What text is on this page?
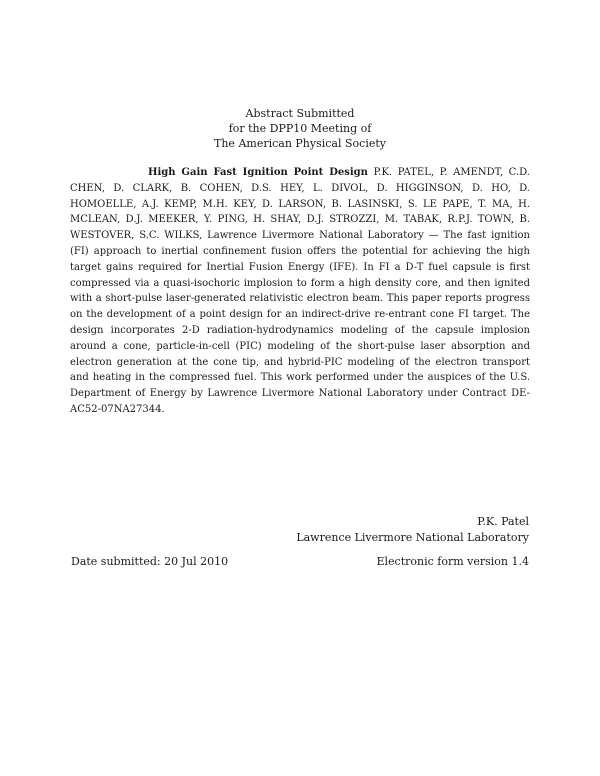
Abstract Submitted
for the DPP10 Meeting of
The American Physical Society
High Gain Fast Ignition Point Design P.K. PATEL, P. AMENDT, C.D. CHEN, D. CLARK, B. COHEN, D.S. HEY, L. DIVOL, D. HIGGINSON, D. HO, D. HOMOELLE, A.J. KEMP, M.H. KEY, D. LARSON, B. LASINSKI, S. LE PAPE, T. MA, H. MCLEAN, D.J. MEEKER, Y. PING, H. SHAY, D.J. STROZZI, M. TABAK, R.P.J. TOWN, B. WESTOVER, S.C. WILKS, Lawrence Livermore National Laboratory — The fast ignition (FI) approach to inertial confinement fusion offers the potential for achieving the high target gains required for Inertial Fusion Energy (IFE). In FI a D-T fuel capsule is first compressed via a quasi-isochoric implosion to form a high density core, and then ignited with a short-pulse laser-generated relativistic electron beam. This paper reports progress on the development of a point design for an indirect-drive re-entrant cone FI target. The design incorporates 2-D radiation-hydrodynamics modeling of the capsule implosion around a cone, particle-in-cell (PIC) modeling of the short-pulse laser absorption and electron generation at the cone tip, and hybrid-PIC modeling of the electron transport and heating in the compressed fuel. This work performed under the auspices of the U.S. Department of Energy by Lawrence Livermore National Laboratory under Contract DE-AC52-07NA27344.
P.K. Patel
Lawrence Livermore National Laboratory
Date submitted: 20 Jul 2010	Electronic form version 1.4
